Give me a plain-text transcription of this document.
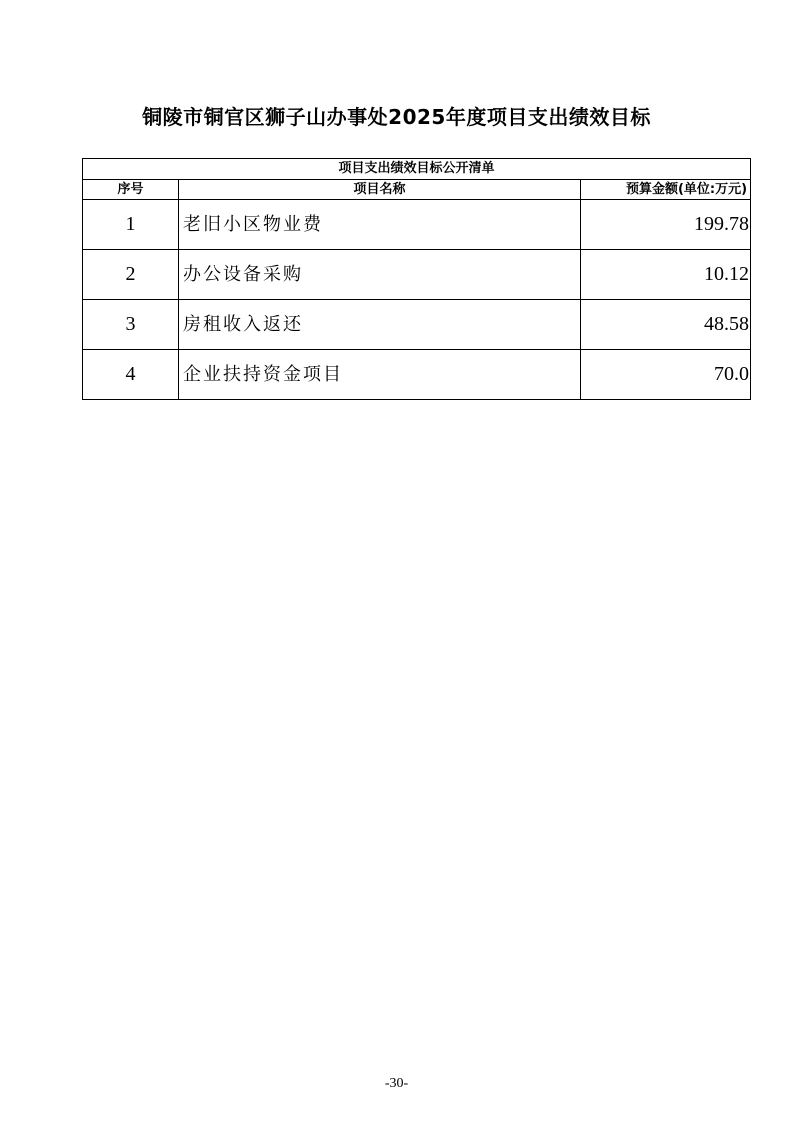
铜陵市铜官区狮子山办事处2025年度项目支出绩效目标
项目支出绩效目标公开清单		
序号	项目名称	预算金额(单位:万元)
1	老旧小区物业费	199.78
2	办公设备采购	10.12
3	房租收入返还	48.58
4	企业扶持资金项目	70.0
-30-
